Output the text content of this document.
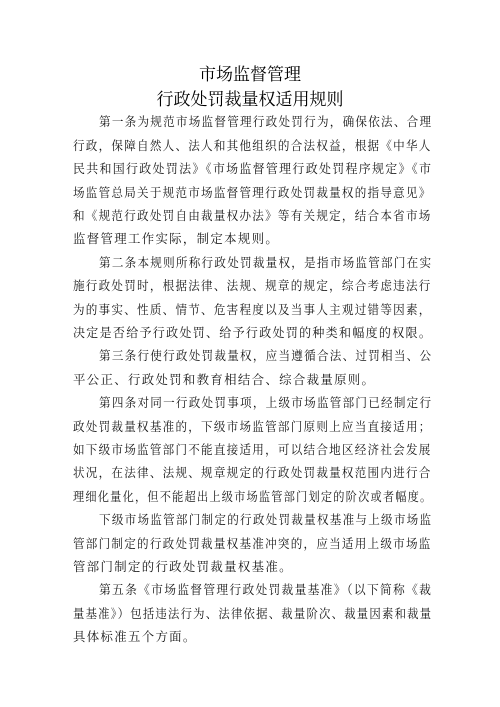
市场监督管理
行政处罚裁量权适用规则
第一条为规范市场监督管理行政处罚行为，确保依法、合理
行政，保障自然人、法人和其他组织的合法权益，根据《中华人
民共和国行政处罚法》《市场监督管理行政处罚程序规定》《市
场监管总局关于规范市场监督管理行政处罚裁量权的指导意见》
和《规范行政处罚自由裁量权办法》等有关规定，结合本省市场
监督管理工作实际，制定本规则。
第二条本规则所称行政处罚裁量权，是指市场监管部门在实
施行政处罚时，根据法律、法规、规章的规定，综合考虑违法行
为的事实、性质、情节、危害程度以及当事人主观过错等因素，
决定是否给予行政处罚、给予行政处罚的种类和幅度的权限。
第三条行使行政处罚裁量权，应当遵循合法、过罚相当、公
平公正、行政处罚和教育相结合、综合裁量原则。
第四条对同一行政处罚事项，上级市场监管部门已经制定行
政处罚裁量权基准的，下级市场监管部门原则上应当直接适用；
如下级市场监管部门不能直接适用，可以结合地区经济社会发展
状况，在法律、法规、规章规定的行政处罚裁量权范围内进行合
理细化量化，但不能超出上级市场监管部门划定的阶次或者幅度。
下级市场监管部门制定的行政处罚裁量权基准与上级市场监
管部门制定的行政处罚裁量权基准冲突的，应当适用上级市场监
管部门制定的行政处罚裁量权基准。
第五条《市场监督管理行政处罚裁量基准》（以下简称《裁
量基准》）包括违法行为、法律依据、裁量阶次、裁量因素和裁量
具体标准五个方面。
